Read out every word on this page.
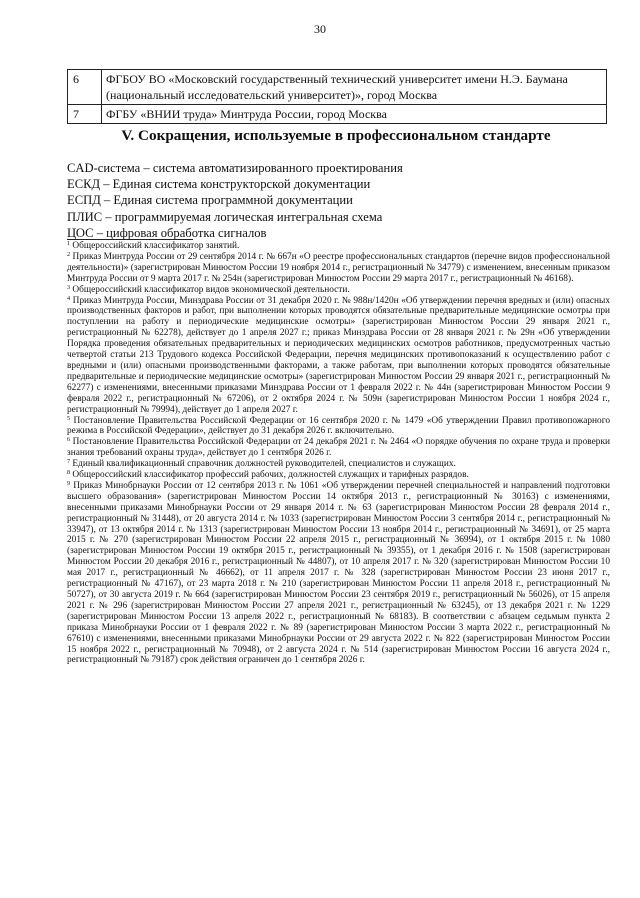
30
6	ФГБОУ ВО «Московский государственный технический университет имени Н.Э. Баумана (национальный исследовательский университет)», город Москва
7	ФГБУ «ВНИИ труда» Минтруда России, город Москва
V. Сокращения, используемые в профессиональном стандарте
CAD-система – система автоматизированного проектирования
ЕСКД – Единая система конструкторской документации
ЕСПД – Единая система программной документации
ПЛИС – программируемая логическая интегральная схема
ЦОС – цифровая обработка сигналов

$^1$ Общероссийский классификатор занятий.

$^2$ Приказ Минтруда России от 29 сентября 2014 г. № 667н «О реестре профессиональных стандартов (перечне видов профессиональной деятельности)» (зарегистрирован Минюстом России 19 ноября 2014 г., регистрационный № 34779) с изменением, внесенным приказом Минтруда России от 9 марта 2017 г. № 254н (зарегистрирован Минюстом России 29 марта 2017 г., регистрационный № 46168).

$^3$ Общероссийский классификатор видов экономической деятельности.

$^4$ Приказ Минтруда России, Минздрава России от 31 декабря 2020 г. № 988н/1420н «Об утверждении перечня вредных и (или) опасных производственных факторов и работ, при выполнении которых проводятся обязательные предварительные медицинские осмотры при поступлении на работу и периодические медицинские осмотры» (зарегистрирован Минюстом России 29 января 2021 г., регистрационный № 62278), действует до 1 апреля 2027 г.; приказ Минздрава России от 28 января 2021 г. № 29н «Об утверждении Порядка проведения обязательных предварительных и периодических медицинских осмотров работников, предусмотренных частью четвертой статьи 213 Трудового кодекса Российской Федерации, перечня медицинских противопоказаний к осуществлению работ с вредными и (или) опасными производственными факторами, а также работам, при выполнении которых проводятся обязательные предварительные и периодические медицинские осмотры» (зарегистрирован Минюстом России 29 января 2021 г., регистрационный № 62277) с изменениями, внесенными приказами Минздрава России от 1 февраля 2022 г. № 44н (зарегистрирован Минюстом России 9 февраля 2022 г., регистрационный № 67206), от 2 октября 2024 г. № 509н (зарегистрирован Минюстом России 1 ноября 2024 г., регистрационный № 79994), действует до 1 апреля 2027 г.

$^5$ Постановление Правительства Российской Федерации от 16 сентября 2020 г. № 1479 «Об утверждении Правил противопожарного режима в Российской Федерации», действует до 31 декабря 2026 г. включительно.

$^6$ Постановление Правительства Российской Федерации от 24 декабря 2021 г. № 2464 «О порядке обучения по охране труда и проверки знания требований охраны труда», действует до 1 сентября 2026 г.

$^7$ Единый квалификационный справочник должностей руководителей, специалистов и служащих.

$^8$ Общероссийский классификатор профессий рабочих, должностей служащих и тарифных разрядов.

$^9$ Приказ Минобрнауки России от 12 сентября 2013 г. № 1061 «Об утверждении перечней специальностей и направлений подготовки высшего образования» (зарегистрирован Минюстом России 14 октября 2013 г., регистрационный № 30163) с изменениями, внесенными приказами Минобрнауки России от 29 января 2014 г. № 63 (зарегистрирован Минюстом России 28 февраля 2014 г., регистрационный № 31448), от 20 августа 2014 г. № 1033 (зарегистрирован Минюстом России 3 сентября 2014 г., регистрационный № 33947), от 13 октября 2014 г. № 1313 (зарегистрирован Минюстом России 13 ноября 2014 г., регистрационный № 34691), от 25 марта 2015 г. № 270 (зарегистрирован Минюстом России 22 апреля 2015 г., регистрационный № 36994), от 1 октября 2015 г. № 1080 (зарегистрирован Минюстом России 19 октября 2015 г., регистрационный № 39355), от 1 декабря 2016 г. № 1508 (зарегистрирован Минюстом России 20 декабря 2016 г., регистрационный № 44807), от 10 апреля 2017 г. № 320 (зарегистрирован Минюстом России 10 мая 2017 г., регистрационный № 46662), от 11 апреля 2017 г. № 328 (зарегистрирован Минюстом России 23 июня 2017 г., регистрационный № 47167), от 23 марта 2018 г. № 210 (зарегистрирован Минюстом России 11 апреля 2018 г., регистрационный № 50727), от 30 августа 2019 г. № 664 (зарегистрирован Минюстом России 23 сентября 2019 г., регистрационный № 56026), от 15 апреля 2021 г. № 296 (зарегистрирован Минюстом России 27 апреля 2021 г., регистрационный № 63245), от 13 декабря 2021 г. № 1229 (зарегистрирован Минюстом России 13 апреля 2022 г., регистрационный № 68183). В соответствии с абзацем седьмым пункта 2 приказа Минобрнауки России от 1 февраля 2022 г. № 89 (зарегистрирован Минюстом России 3 марта 2022 г., регистрационный № 67610) с изменениями, внесенными приказами Минобрнауки России от 29 августа 2022 г. № 822 (зарегистрирован Минюстом России 15 ноября 2022 г., регистрационный № 70948), от 2 августа 2024 г. № 514 (зарегистрирован Минюстом России 16 августа 2024 г., регистрационный № 79187) срок действия ограничен до 1 сентября 2026 г.
